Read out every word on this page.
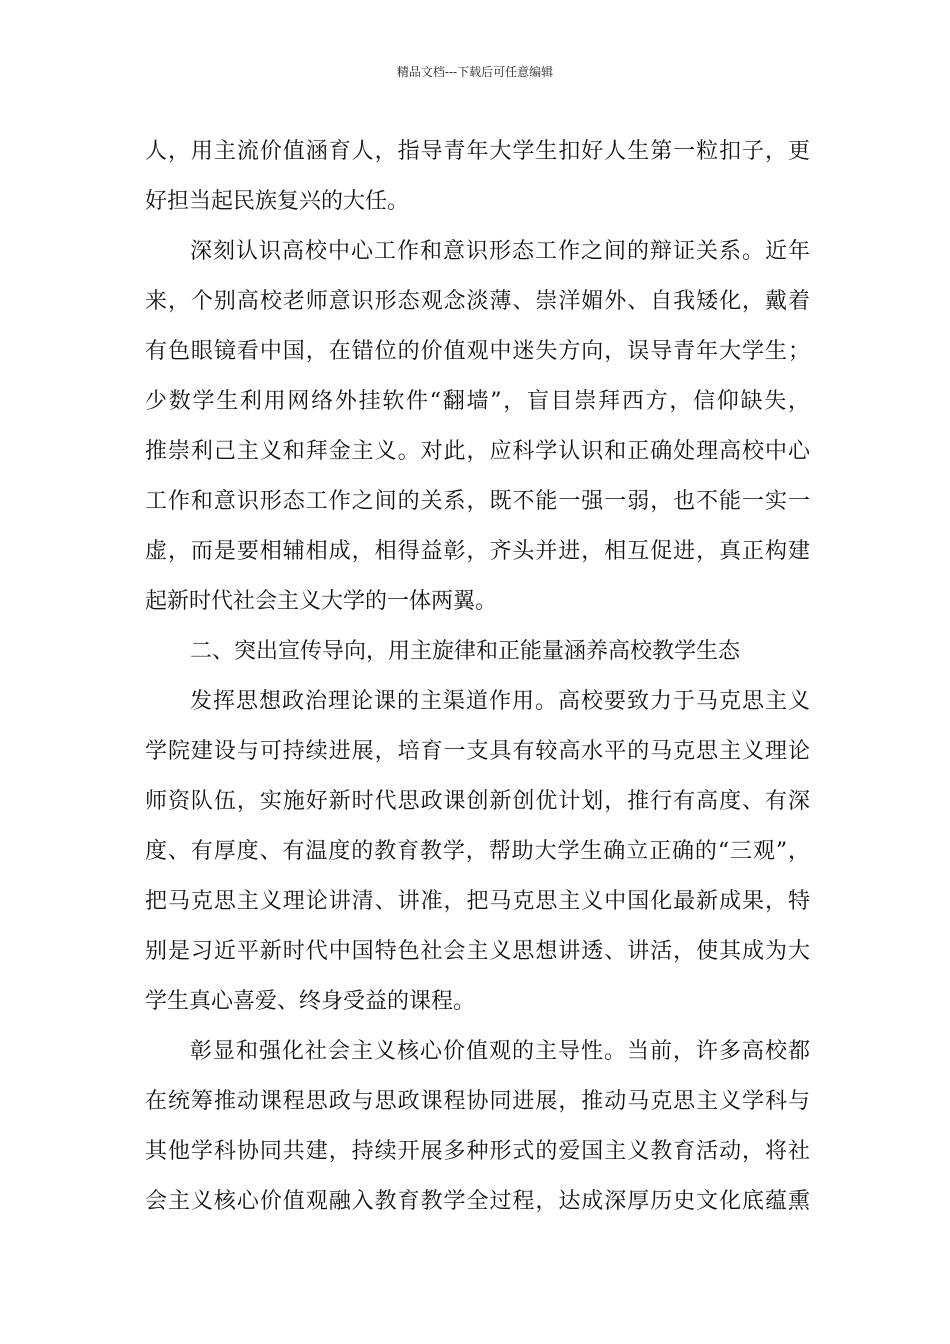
精品文档---下载后可任意编辑
人，用主流价值涵育人，指导青年大学生扣好人生第一粒扣子，更
好担当起民族复兴的大任。
深刻认识高校中心工作和意识形态工作之间的辩证关系。近年
来，个别高校老师意识形态观念淡薄、崇洋媚外、自我矮化，戴着
有色眼镜看中国，在错位的价值观中迷失方向，误导青年大学生；
少数学生利用网络外挂软件“翻墙”，盲目崇拜西方，信仰缺失，
推崇利己主义和拜金主义。对此，应科学认识和正确处理高校中心
工作和意识形态工作之间的关系，既不能一强一弱，也不能一实一
虚，而是要相辅相成，相得益彰，齐头并进，相互促进，真正构建
起新时代社会主义大学的一体两翼。
二、突出宣传导向，用主旋律和正能量涵养高校教学生态
发挥思想政治理论课的主渠道作用。高校要致力于马克思主义
学院建设与可持续进展，培育一支具有较高水平的马克思主义理论
师资队伍，实施好新时代思政课创新创优计划，推行有高度、有深
度、有厚度、有温度的教育教学，帮助大学生确立正确的“三观”，
把马克思主义理论讲清、讲准，把马克思主义中国化最新成果，特
别是习近平新时代中国特色社会主义思想讲透、讲活，使其成为大
学生真心喜爱、终身受益的课程。
彰显和强化社会主义核心价值观的主导性。当前，许多高校都
在统筹推动课程思政与思政课程协同进展，推动马克思主义学科与
其他学科协同共建，持续开展多种形式的爱国主义教育活动，将社
会主义核心价值观融入教育教学全过程，达成深厚历史文化底蕴熏
